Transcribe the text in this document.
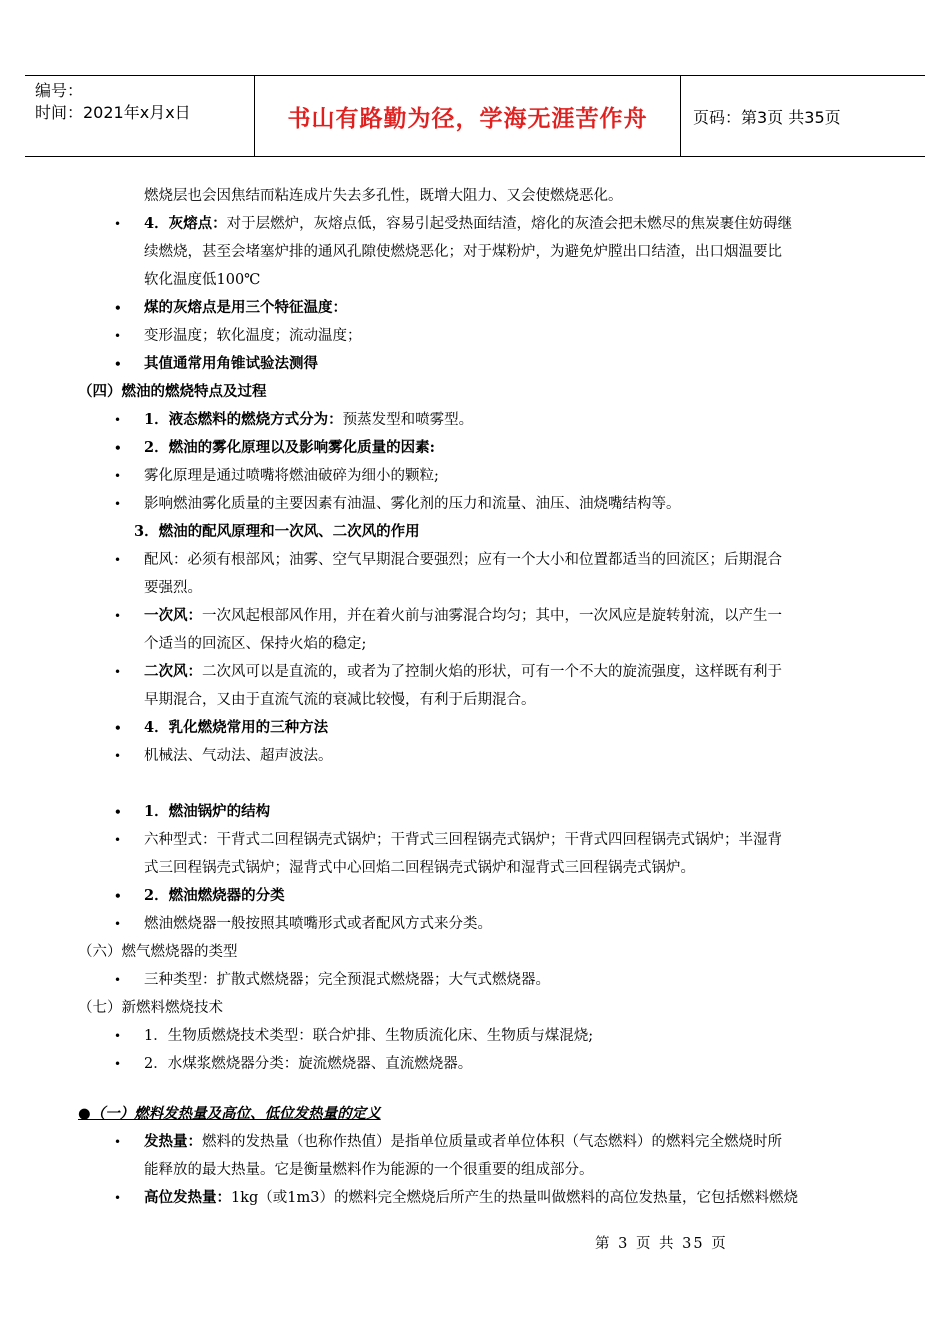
编号：
时间：2021年x月x日	书山有路勤为径，学海无涯苦作舟	页码：第3页 共35页
燃烧层也会因焦结而粘连成片失去多孔性，既增大阻力、又会使燃烧恶化。
• 4．灰熔点：对于层燃炉，灰熔点低，容易引起受热面结渣，熔化的灰渣会把未燃尽的焦炭裹住妨碍继
续燃烧，甚至会堵塞炉排的通风孔隙使燃烧恶化；对于煤粉炉，为避免炉膛出口结渣，出口烟温要比
软化温度低100℃
• 煤的灰熔点是用三个特征温度：
• 变形温度；软化温度；流动温度；
• 其值通常用角锥试验法测得
（四）燃油的燃烧特点及过程
• 1．液态燃料的燃烧方式分为：预蒸发型和喷雾型。
• 2．燃油的雾化原理以及影响雾化质量的因素:
• 雾化原理是通过喷嘴将燃油破碎为细小的颗粒;
• 影响燃油雾化质量的主要因素有油温、雾化剂的压力和流量、油压、油烧嘴结构等。
3．燃油的配风原理和一次风、二次风的作用
• 配风：必须有根部风；油雾、空气早期混合要强烈；应有一个大小和位置都适当的回流区；后期混合
要强烈。
• 一次风：一次风起根部风作用，并在着火前与油雾混合均匀；其中，一次风应是旋转射流，以产生一
个适当的回流区、保持火焰的稳定;
• 二次风：二次风可以是直流的，或者为了控制火焰的形状，可有一个不大的旋流强度，这样既有利于
早期混合，又由于直流气流的衰减比较慢，有利于后期混合。
• 4．乳化燃烧常用的三种方法
• 机械法、气动法、超声波法。
• 1．燃油锅炉的结构
• 六种型式：干背式二回程锅壳式锅炉；干背式三回程锅壳式锅炉；干背式四回程锅壳式锅炉；半湿背
式三回程锅壳式锅炉；湿背式中心回焰二回程锅壳式锅炉和湿背式三回程锅壳式锅炉。
• 2．燃油燃烧器的分类
• 燃油燃烧器一般按照其喷嘴形式或者配风方式来分类。
（六）燃气燃烧器的类型
• 三种类型：扩散式燃烧器；完全预混式燃烧器；大气式燃烧器。
（七）新燃料燃烧技术
• 1．生物质燃烧技术类型：联合炉排、生物质流化床、生物质与煤混烧;
• 2．水煤浆燃烧器分类：旋流燃烧器、直流燃烧器。
●（一）燃料发热量及高位、低位发热量的定义
• 发热量：燃料的发热量（也称作热值）是指单位质量或者单位体积（气态燃料）的燃料完全燃烧时所
能释放的最大热量。它是衡量燃料作为能源的一个很重要的组成部分。
• 高位发热量：1kg（或1m3）的燃料完全燃烧后所产生的热量叫做燃料的高位发热量，它包括燃料燃烧
第 3 页 共 35 页
